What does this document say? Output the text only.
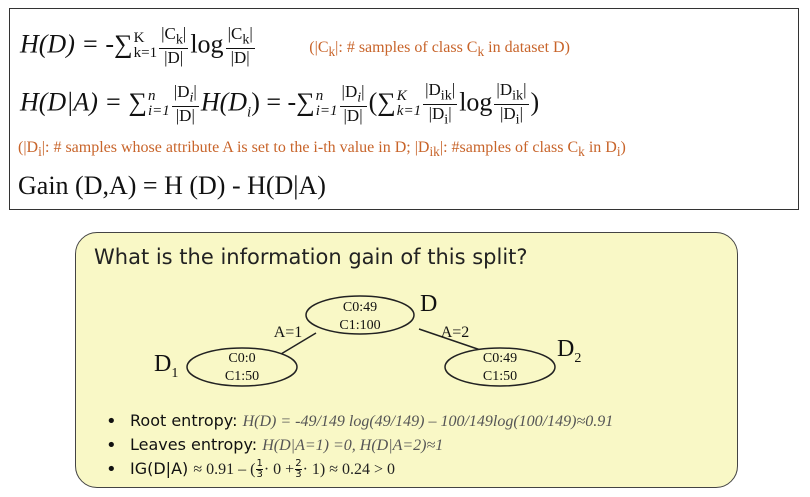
H(D) = -∑ K
$k=1 \frac{|C_k|}{|D|}$ $\log \frac{|C_k|}{|D|}$	($|C_k|$: # samples of class $C_k$ in dataset D)
H(D|A) = ∑ n
$i=1 \frac{|D_i|}{|D|} H(D_i)$ = -∑ n
$i=1 \frac{|D_i|}{|D|}$ (∑ K
$k=1 \frac{|D_{ik}|}{|D_i|}$ $\log \frac{|D_{ik}|}{|D_i|}$ )
($|D_i|$: # samples whose attribute A is set to the i-th value in D; $|D_{ik}|$: #samples of class $C_k$ in $D_i$)
Gain (D,A) = H (D) - H(D|A)
What is the information gain of this split?
C0:49
C1:100
D
C0:0
C1:50
$D_1$
A=1
C0:49
C1:50
$D_2$
A=2
• Root entropy: H(D) = -49/149 log(49/149) – 100/149log(100/149)≈0.91
• Leaves entropy: H(D|A=1) =0, H(D|A=2)≈1
• IG(D|A) ≈ 0.91 – ( $\frac{1}{3} \cdot 0 + \frac{2}{3} \cdot 1) \approx 0.24 > 0$
